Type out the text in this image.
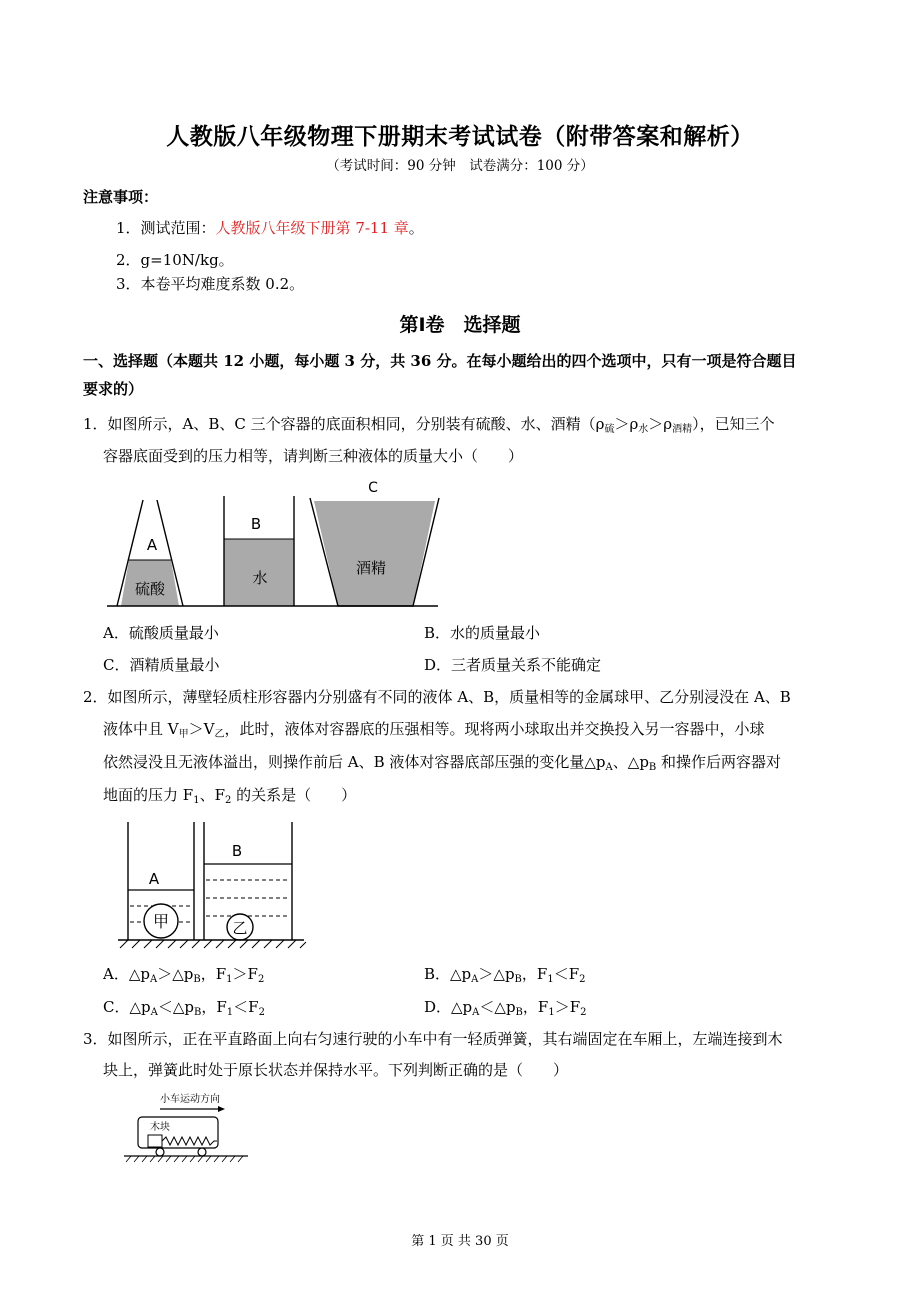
人教版八年级物理下册期末考试试卷（附带答案和解析）
（考试时间：90 分钟　试卷满分：100 分）
注意事项：
1．测试范围：人教版八年级下册第 7-11 章。
2．g=10N/kg。
3．本卷平均难度系数 0.2。
第Ⅰ卷　选择题
一、选择题（本题共 12 小题，每小题 3 分，共 36 分。在每小题给出的四个选项中，只有一项是符合题目
要求的）
1．如图所示，A、B、C 三个容器的底面积相同，分别装有硫酸、水、酒精$(\rho_硫>\rho_水>\rho_{酒精})$，已知三个
容器底面受到的压力相等，请判断三种液体的质量大小（　　）
A
硫酸
B
水
C
酒精
A．硫酸质量最小	B．水的质量最小
C．酒精质量最小	D．三者质量关系不能确定
2．如图所示，薄壁轻质柱形容器内分别盛有不同的液体 A、B，质量相等的金属球甲、乙分别浸没在 A、B
液体中且 $V_甲>V_乙$，此时，液体对容器底的压强相等。现将两小球取出并交换投入另一容器中，小球
依然浸没且无液体溢出，则操作前后 A、B 液体对容器底部压强的变化量$\triangle p_A$、$\triangle p_B$ 和操作后两容器对
地面的压力 $F_1$、$F_2$ 的关系是（　　）
A
甲
B
乙
A．$\triangle p_A>\triangle p_B$，$F_1>F_2$	B．$\triangle p_A>\triangle p_B$，$F_1<F_2$
C．$\triangle p_A<\triangle p_B$，$F_1<F_2$	D．$\triangle p_A<\triangle p_B$，$F_1>F_2$
3．如图所示，正在平直路面上向右匀速行驶的小车中有一轻质弹簧，其右端固定在车厢上，左端连接到木
块上，弹簧此时处于原长状态并保持水平。下列判断正确的是（　　）
小车运动方向
木块
第 1 页 共 30 页
